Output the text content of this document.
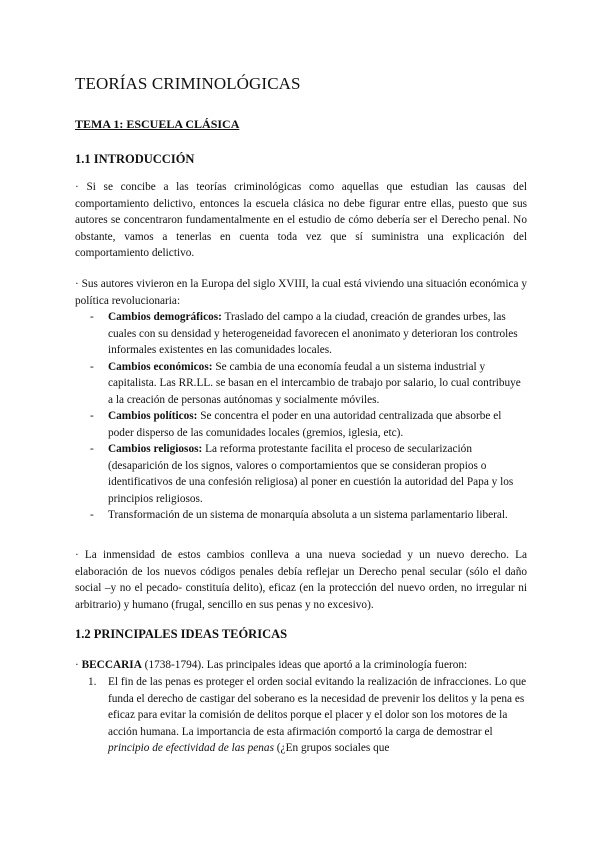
TEORÍAS CRIMINOLÓGICAS
TEMA 1: ESCUELA CLÁSICA
1.1 INTRODUCCIÓN

· Si se concibe a las teorías criminológicas como aquellas que estudian las causas del comportamiento delictivo, entonces la escuela clásica no debe figurar entre ellas, puesto que sus autores se concentraron fundamentalmente en el estudio de cómo debería ser el Derecho penal. No obstante, vamos a tenerlas en cuenta toda vez que sí suministra una explicación del comportamiento delictivo.

· Sus autores vivieron en la Europa del siglo XVIII, la cual está viviendo una situación económica y política revolucionaria:

- Cambios demográficos: Traslado del campo a la ciudad, creación de grandes urbes, las cuales con su densidad y heterogeneidad favorecen el anonimato y deterioran los controles informales existentes en las comunidades locales.
- Cambios económicos: Se cambia de una economía feudal a un sistema industrial y capitalista. Las RR.LL. se basan en el intercambio de trabajo por salario, lo cual contribuye a la creación de personas autónomas y socialmente móviles.
- Cambios políticos: Se concentra el poder en una autoridad centralizada que absorbe el poder disperso de las comunidades locales (gremios, iglesia, etc).
- Cambios religiosos: La reforma protestante facilita el proceso de secularización (desaparición de los signos, valores o comportamientos que se consideran propios o identificativos de una confesión religiosa) al poner en cuestión la autoridad del Papa y los principios religiosos.
- Transformación de un sistema de monarquía absoluta a un sistema parlamentario liberal.

· La inmensidad de estos cambios conlleva a una nueva sociedad y un nuevo derecho. La elaboración de los nuevos códigos penales debía reflejar un Derecho penal secular (sólo el daño social –y no el pecado- constituía delito), eficaz (en la protección del nuevo orden, no irregular ni arbitrario) y humano (frugal, sencillo en sus penas y no excesivo).

1.2 PRINCIPALES IDEAS TEÓRICAS

· BECCARIA (1738-1794). Las principales ideas que aportó a la criminología fueron:

1. El fin de las penas es proteger el orden social evitando la realización de infracciones. Lo que funda el derecho de castigar del soberano es la necesidad de prevenir los delitos y la pena es eficaz para evitar la comisión de delitos porque el placer y el dolor son los motores de la acción humana. La importancia de esta afirmación comportó la carga de demostrar el principio de efectividad de las penas (¿En grupos sociales que
